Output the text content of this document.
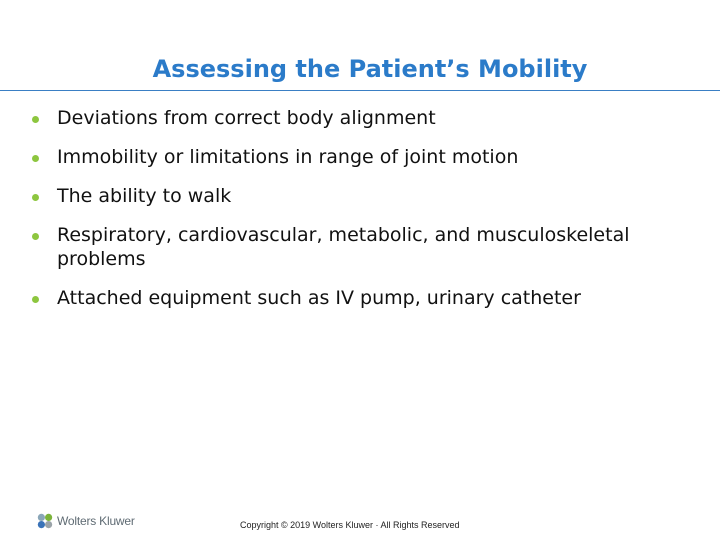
Assessing the Patient’s Mobility
Deviations from correct body alignment
Immobility or limitations in range of joint motion
The ability to walk
Respiratory, cardiovascular, metabolic, and musculoskeletal problems
Attached equipment such as IV pump, urinary catheter
Wolters Kluwer	Copyright © 2019 Wolters Kluwer · All Rights Reserved
